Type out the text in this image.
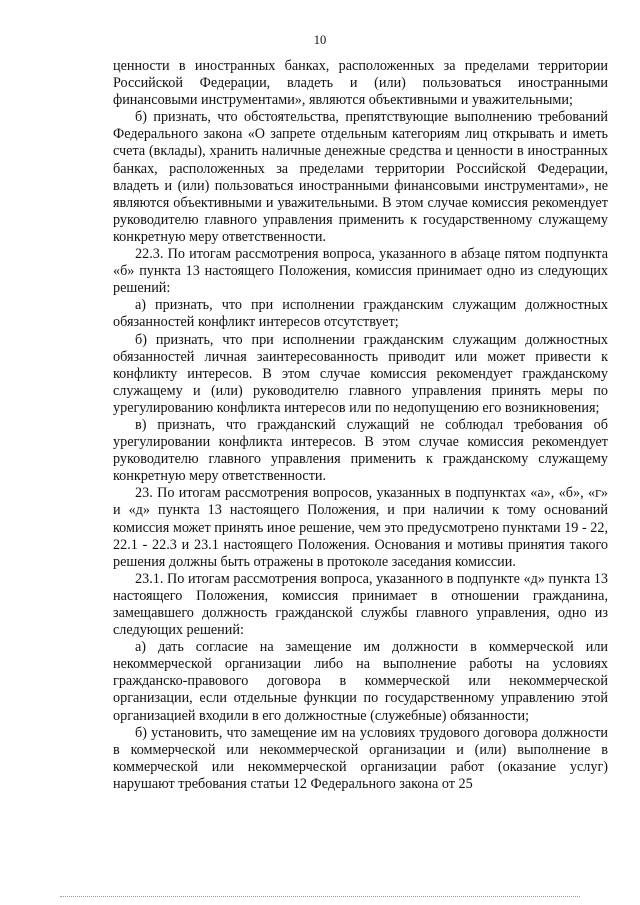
10

ценности в иностранных банках, расположенных за пределами территории Российской Федерации, владеть и (или) пользоваться иностранными финансовыми инструментами», являются объективными и уважительными;

б) признать, что обстоятельства, препятствующие выполнению требований Федерального закона «О запрете отдельным категориям лиц открывать и иметь счета (вклады), хранить наличные денежные средства и ценности в иностранных банках, расположенных за пределами территории Российской Федерации, владеть и (или) пользоваться иностранными финансовыми инструментами», не являются объективными и уважительными. В этом случае комиссия рекомендует руководителю главного управления применить к государственному служащему конкретную меру ответственности.

22.3. По итогам рассмотрения вопроса, указанного в абзаце пятом подпункта «б» пункта 13 настоящего Положения, комиссия принимает одно из следующих решений:

а) признать, что при исполнении гражданским служащим должностных обязанностей конфликт интересов отсутствует;

б) признать, что при исполнении гражданским служащим должностных обязанностей личная заинтересованность приводит или может привести к конфликту интересов. В этом случае комиссия рекомендует гражданскому служащему и (или) руководителю главного управления принять меры по урегулированию конфликта интересов или по недопущению его возникновения;

в) признать, что гражданский служащий не соблюдал требования об урегулировании конфликта интересов. В этом случае комиссия рекомендует руководителю главного управления применить к гражданскому служащему конкретную меру ответственности.

23. По итогам рассмотрения вопросов, указанных в подпунктах «а», «б», «г» и «д» пункта 13 настоящего Положения, и при наличии к тому оснований комиссия может принять иное решение, чем это предусмотрено пунктами 19 - 22, 22.1 - 22.3 и 23.1 настоящего Положения. Основания и мотивы принятия такого решения должны быть отражены в протоколе заседания комиссии.

23.1. По итогам рассмотрения вопроса, указанного в подпункте «д» пункта 13 настоящего Положения, комиссия принимает в отношении гражданина, замещавшего должность гражданской службы главного управления, одно из следующих решений:

а) дать согласие на замещение им должности в коммерческой или некоммерческой организации либо на выполнение работы на условиях гражданско-правового договора в коммерческой или некоммерческой организации, если отдельные функции по государственному управлению этой организацией входили в его должностные (служебные) обязанности;

б) установить, что замещение им на условиях трудового договора должности в коммерческой или некоммерческой организации и (или) выполнение в коммерческой или некоммерческой организации работ (оказание услуг) нарушают требования статьи 12 Федерального закона от 25
